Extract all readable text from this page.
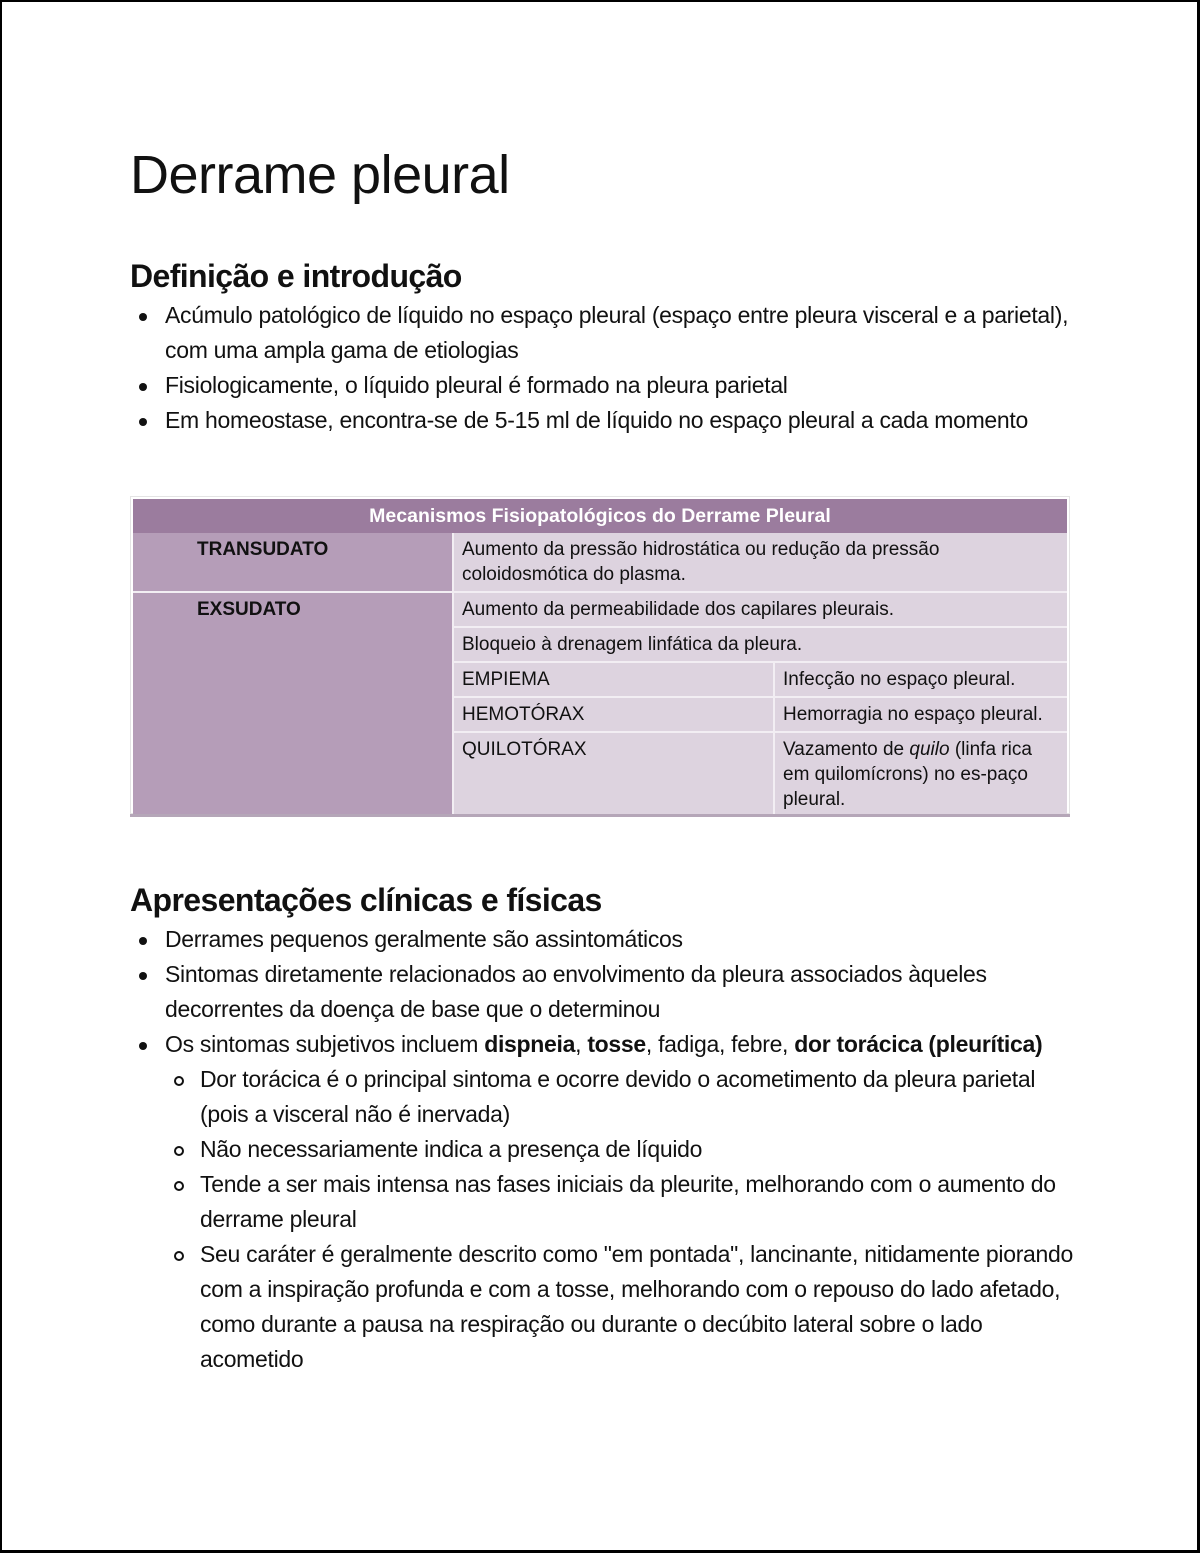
Derrame pleural
Definição e introdução
Acúmulo patológico de líquido no espaço pleural (espaço entre pleura visceral e a parietal), com uma ampla gama de etiologias
Fisiologicamente, o líquido pleural é formado na pleura parietal
Em homeostase, encontra-se de 5-15 ml de líquido no espaço pleural a cada momento
Mecanismos Fisiopatológicos do Derrame Pleural		
TRANSUDATO	Aumento da pressão hidrostática ou redução da pressão coloidosmótica do plasma.	
EXSUDATO	Aumento da permeabilidade dos capilares pleurais.	
	Bloqueio à drenagem linfática da pleura.	
	EMPIEMA	Infecção no espaço pleural.
	HEMOTÓRAX	Hemorragia no espaço pleural.
	QUILOTÓRAX	Vazamento de quilo (linfa rica em quilomícrons) no es-paço pleural.
Apresentações clínicas e físicas
Derrames pequenos geralmente são assintomáticos
Sintomas diretamente relacionados ao envolvimento da pleura associados àqueles decorrentes da doença de base que o determinou
Os sintomas subjetivos incluem dispneia, tosse, fadiga, febre, dor torácica (pleurítica)
Dor torácica é o principal sintoma e ocorre devido o acometimento da pleura parietal (pois a visceral não é inervada)
Não necessariamente indica a presença de líquido
Tende a ser mais intensa nas fases iniciais da pleurite, melhorando com o aumento do derrame pleural
Seu caráter é geralmente descrito como "em pontada", lancinante, nitidamente piorando com a inspiração profunda e com a tosse, melhorando com o repouso do lado afetado, como durante a pausa na respiração ou durante o decúbito lateral sobre o lado acometido
